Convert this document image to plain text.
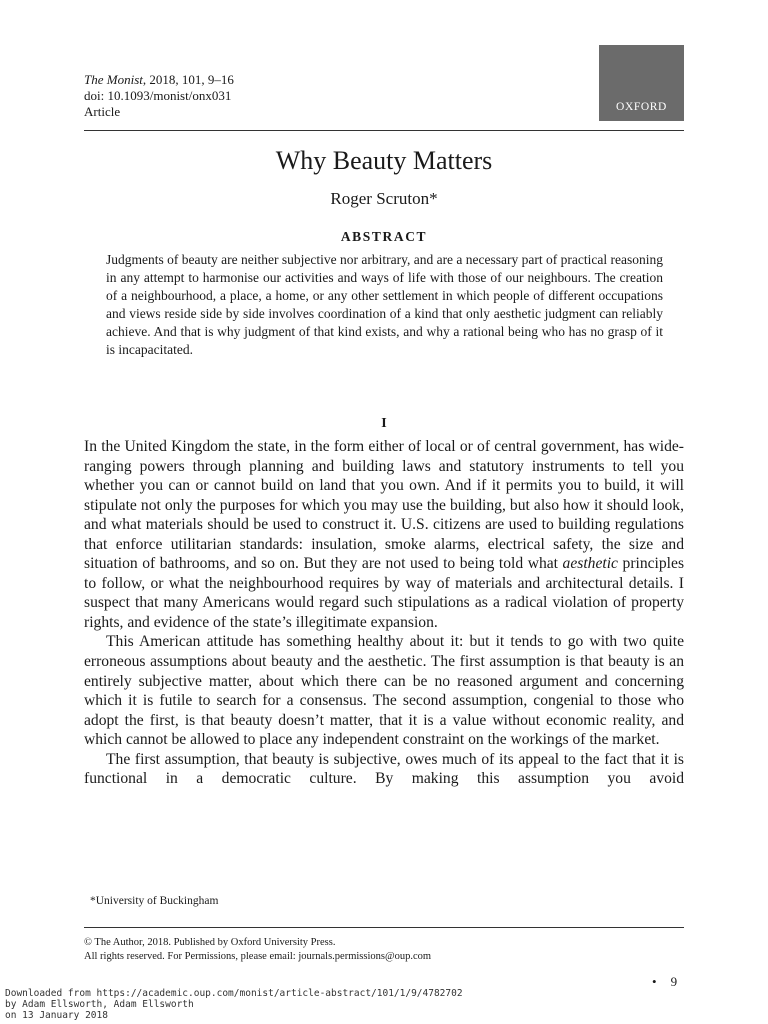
The Monist, 2018, 101, 9–16
doi: 10.1093/monist/onx031
Article	OXFORD
Why Beauty Matters
Roger Scruton*
ABSTRACT

Judgments of beauty are neither subjective nor arbitrary, and are a necessary part of practical reasoning in any attempt to harmonise our activities and ways of life with those of our neighbours. The creation of a neighbourhood, a place, a home, or any other settlement in which people of different occupations and views reside side by side involves coordination of a kind that only aesthetic judgment can reliably achieve. And that is why judgment of that kind exists, and why a rational being who has no grasp of it is incapacitated.

I

In the United Kingdom the state, in the form either of local or of central government, has wide-ranging powers through planning and building laws and statutory instruments to tell you whether you can or cannot build on land that you own. And if it permits you to build, it will stipulate not only the purposes for which you may use the building, but also how it should look, and what materials should be used to construct it. U.S. citizens are used to building regulations that enforce utilitarian standards: insulation, smoke alarms, electrical safety, the size and situation of bathrooms, and so on. But they are not used to being told what aesthetic principles to follow, or what the neighbourhood requires by way of materials and architectural details. I suspect that many Americans would regard such stipulations as a radical violation of property rights, and evidence of the state’s illegitimate expansion.

This American attitude has something healthy about it: but it tends to go with two quite erroneous assumptions about beauty and the aesthetic. The first assumption is that beauty is an entirely subjective matter, about which there can be no reasoned argument and concerning which it is futile to search for a consensus. The second assumption, congenial to those who adopt the first, is that beauty doesn’t matter, that it is a value without economic reality, and which cannot be allowed to place any independent constraint on the workings of the market.

The first assumption, that beauty is subjective, owes much of its appeal to the fact that it is functional in a democratic culture. By making this assumption you avoid

*University of Buckingham
© The Author, 2018. Published by Oxford University Press.
All rights reserved. For Permissions, please email: journals.permissions@oup.com
• 9
Downloaded from https://academic.oup.com/monist/article-abstract/101/1/9/4782702
by Adam Ellsworth, Adam Ellsworth
on 13 January 2018
